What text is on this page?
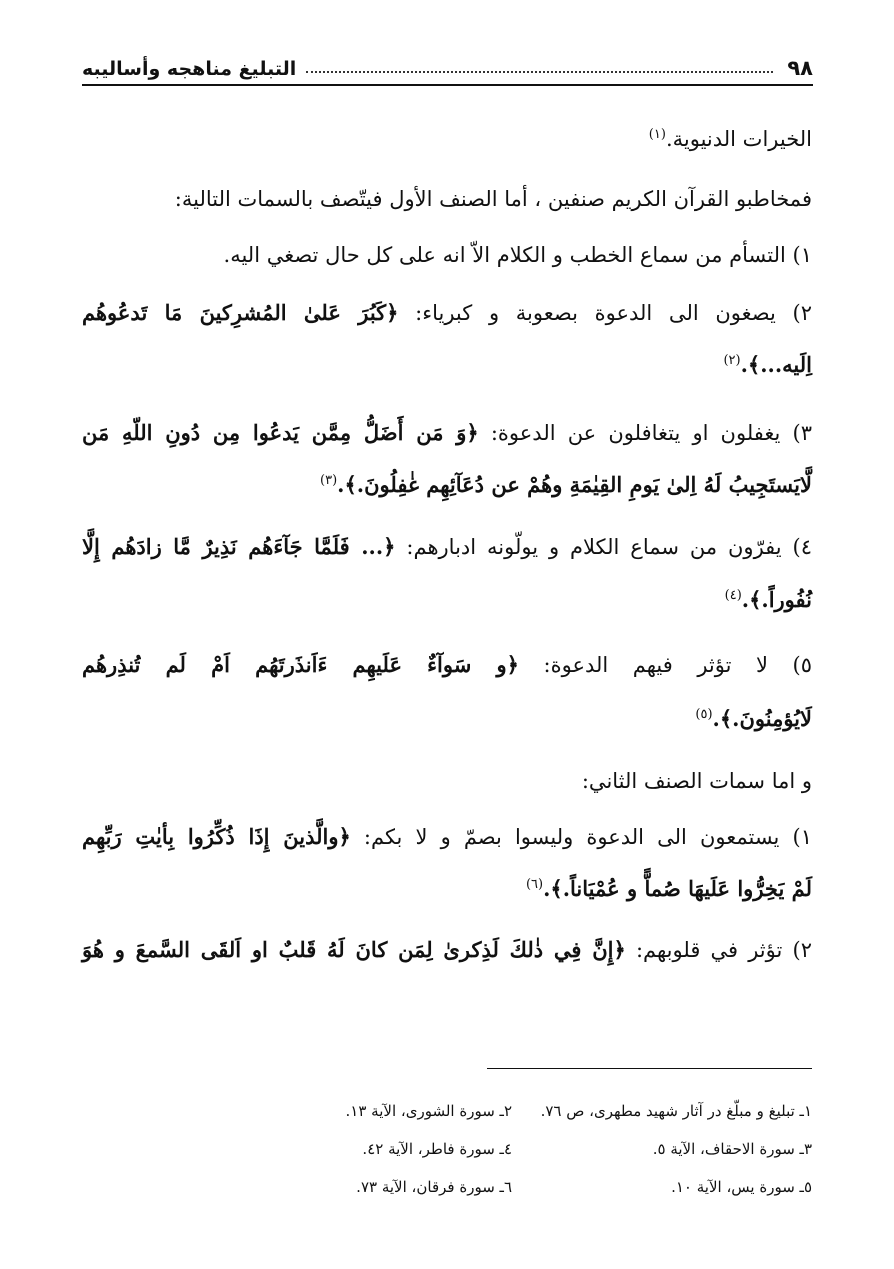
٩٨
التبليغ مناهجه وأساليبه
الخيرات الدنيوية.$^{(١)}$
فمخاطبو القرآن الكريم صنفين ، أما الصنف الأول فيتّصف بالسمات التالية:
١) التسأم من سماع الخطب و الكلام الاّ انه على كل حال تصغي اليه.
٢) يصغون الى الدعوة بصعوبة و كبرياء: ﴿كَبُرَ عَلىٰ المُشرِكينَ مَا تَدعُوهُم
اِلَيه...﴾.$^{(٢)}$
٣) يغفلون او يتغافلون عن الدعوة: ﴿وَ مَن أَضَلُّ مِمَّن يَدعُوا مِن دُونِ اللّهِ مَن
لَّايَستَجِيبُ لَهُ اِلىٰ يَومِ القِيٰمَةِ وهُمْ عن دُعَآئِهِم غٰفِلُونَ.﴾.$^{(٣)}$
٤) يفرّون من سماع الكلام و يولّونه ادبارهم: ﴿... فَلَمَّا جَآءَهُم نَذِيرٌ مَّا زادَهُم إِلَّا
نُفُوراً.﴾.$^{(٤)}$
٥) لا تؤثر فيهم الدعوة: ﴿و سَوآءٌ عَلَيهِم ءَاَنذَرتَهُم اَمْ لَم تُنذِرهُم
لَايُؤمِنُونَ.﴾.$^{(٥)}$
و اما سمات الصنف الثاني:
١) يستمعون الى الدعوة وليسوا بصمّ و لا بكم: ﴿والَّذينَ إِذَا ذُكِّرُوا بِأيٰتِ رَبِّهِم
لَمْ يَخِرُّوا عَلَيهَا صُماًّ و عُمْيَاناً.﴾.$^{(٦)}$
٢) تؤثر في قلوبهم: ﴿إِنَّ فِي ذٰلكَ لَذِكرىٰ لِمَن كانَ لَهُ قَلبٌ او اَلقَى السَّمعَ و هُوَ
١ـ تبليغ و مبلّغ در آثار شهيد مطهرى، ص ٧٦.
٢ـ سورة الشورى، الآية ١٣.
٣ـ سورة الاحقاف، الآية ٥.
٤ـ سورة فاطر، الآية ٤٢.
٥ـ سورة يس، الآية ١٠.
٦ـ سورة فرقان، الآية ٧٣.
